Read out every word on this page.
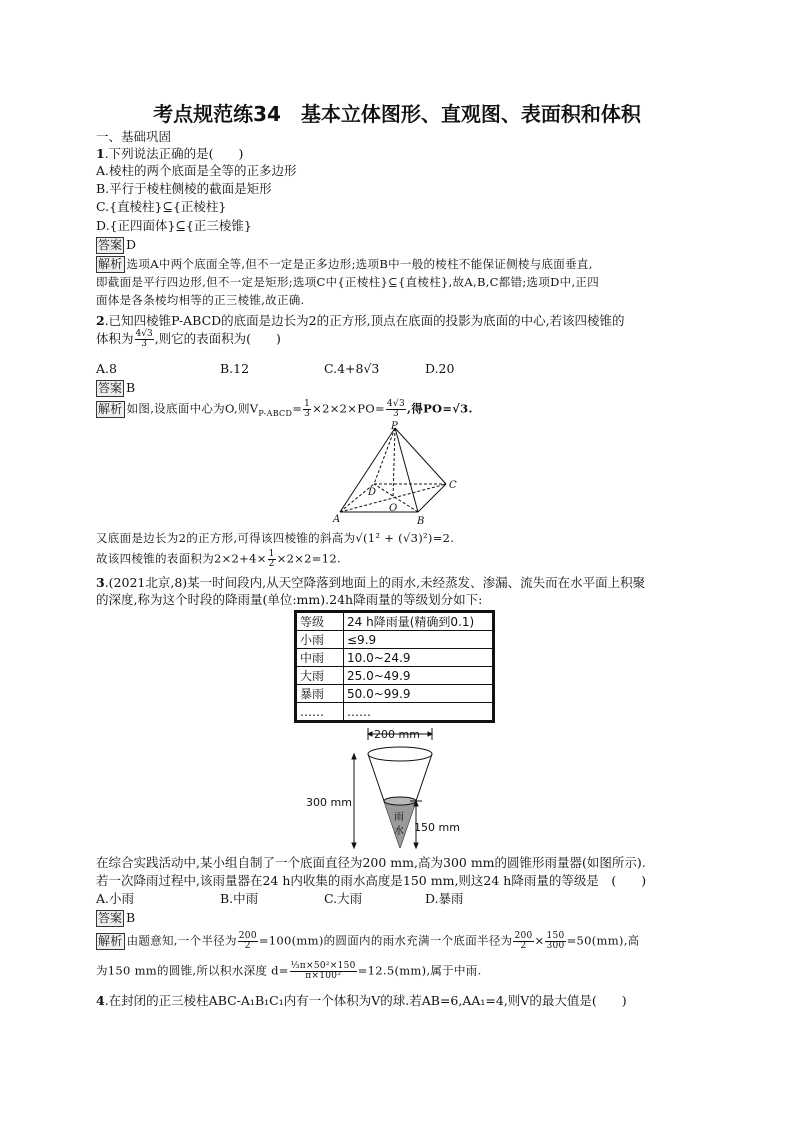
考点规范练34　基本立体图形、直观图、表面积和体积
一、基础巩固
1.下列说法正确的是(　　)
A.棱柱的两个底面是全等的正多边形
B.平行于棱柱侧棱的截面是矩形
C.{直棱柱}⊆{正棱柱}
D.{正四面体}⊆{正三棱锥}
答案 D
解析 选项A中两个底面全等,但不一定是正多边形;选项B中一般的棱柱不能保证侧棱与底面垂直,
即截面是平行四边形,但不一定是矩形;选项C中{正棱柱}⊆{直棱柱},故A,B,C都错;选项D中,正四
面体是各条棱均相等的正三棱锥,故正确.
2.已知四棱锥P-ABCD的底面是边长为2的正方形,顶点在底面的投影为底面的中心,若该四棱锥的
体积为 $\frac{4√3}{3}$ ,则它的表面积为(　　)
A.8	B.12	C.4+8√3	D.20
答案 B
解析 如图,设底面中心为O,则$V_{P-ABCD}= \frac{1}{3} \times 2\times 2\times PO= \frac{4√3}{3}$ ,得PO=√3.
P
A	B
C
D
O
又底面是边长为2的正方形,可得该四棱锥的斜高为√(1² + (√3)²)=2.
故该四棱锥的表面积为$2\times 2+4\times \frac{1}{2} \times 2\times 2=12$.
3.(2021北京,8)某一时间段内,从天空降落到地面上的雨水,未经蒸发、渗漏、流失而在水平面上积聚
的深度,称为这个时段的降雨量(单位:mm).24h降雨量的等级划分如下:
等级	24 h降雨量(精确到0.1)
小雨	≤9.9
中雨	10.0~24.9
大雨	25.0~49.9
暴雨	50.0~99.9
……	……
200 mm
300 mm
150 mm
雨
水
在综合实践活动中,某小组自制了一个底面直径为200 mm,高为300 mm的圆锥形雨量器(如图所示).
若一次降雨过程中,该雨量器在24 h内收集的雨水高度是150 mm,则这24 h降雨量的等级是　(　　)
A.小雨	B.中雨	C.大雨	D.暴雨
答案 B
解析 由题意知,一个半径为 $\frac{200}{2} =100(mm)$的圆面内的雨水充满一个底面半径为 $\frac{200}{2} \times \frac{150}{300} =50(mm)$,高
为150 mm的圆锥,所以积水深度 $d= \frac{\text{⅓π×50²×150}}{\text{π×100²}} =12.5(mm)$,属于中雨.
4.在封闭的正三棱柱ABC-A₁B₁C₁内有一个体积为V的球.若AB=6,AA₁=4,则V的最大值是(　　)
